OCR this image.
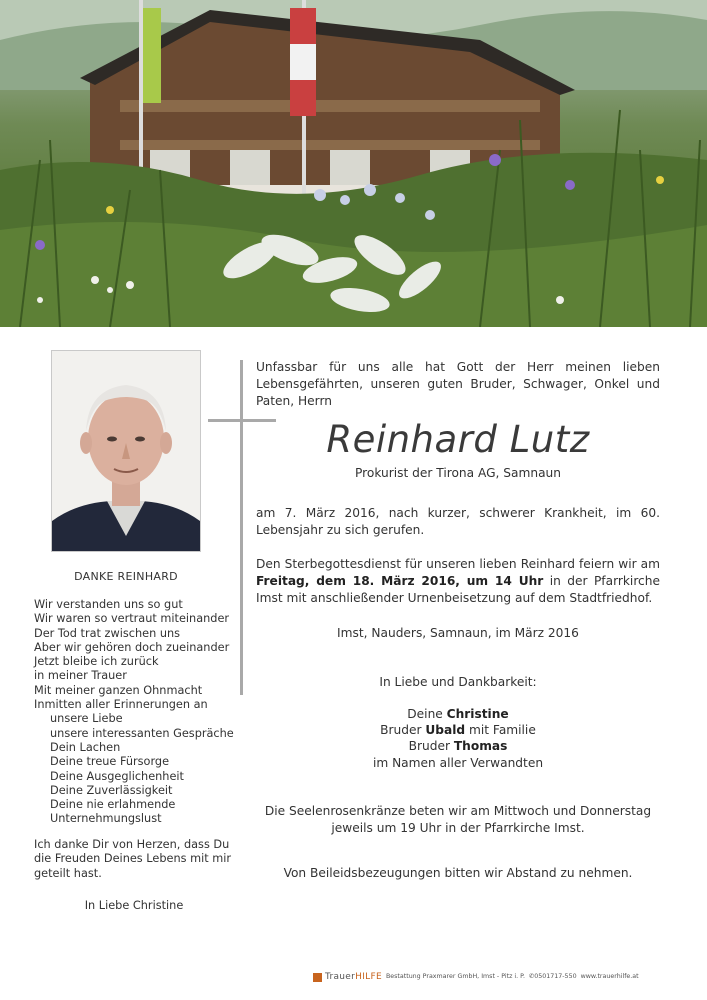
DANKE REINHARD
Wir verstanden uns so gut
Wir waren so vertraut miteinander
Der Tod trat zwischen uns
Aber wir gehören doch zueinander
Jetzt bleibe ich zurück
in meiner Trauer
Mit meiner ganzen Ohnmacht
Inmitten aller Erinnerungen an
unsere Liebe
unsere interessanten Gespräche
Dein Lachen
Deine treue Fürsorge
Deine Ausgeglichenheit
Deine Zuverlässigkeit
Deine nie erlahmende
Unternehmungslust
Ich danke Dir von Herzen, dass Du
die Freuden Deines Lebens mit mir
geteilt hast.
In Liebe Christine
Unfassbar für uns alle hat Gott der Herr meinen lieben Lebensgefährten, unseren guten Bruder, Schwager, Onkel und Paten, Herrn
Reinhard Lutz
Prokurist der Tirona AG, Samnaun
am 7. März 2016, nach kurzer, schwerer Krankheit, im 60. Lebensjahr zu sich gerufen.
Den Sterbegottesdienst für unseren lieben Reinhard feiern wir am Freitag, dem 18. März 2016, um 14 Uhr in der Pfarrkirche Imst mit anschließender Urnenbeisetzung auf dem Stadtfriedhof.
Imst, Nauders, Samnaun, im März 2016
In Liebe und Dankbarkeit:
Deine Christine
Bruder Ubald mit Familie
Bruder Thomas
im Namen aller Verwandten
Die Seelenrosenkränze beten wir am Mittwoch und Donnerstag
jeweils um 19 Uhr in der Pfarrkirche Imst.
Von Beileidsbezeugungen bitten wir Abstand zu nehmen.
TrauerHILFE Bestattung Praxmarer GmbH, Imst - Pitz i. P. ✆0501717-550 www.trauerhilfe.at
